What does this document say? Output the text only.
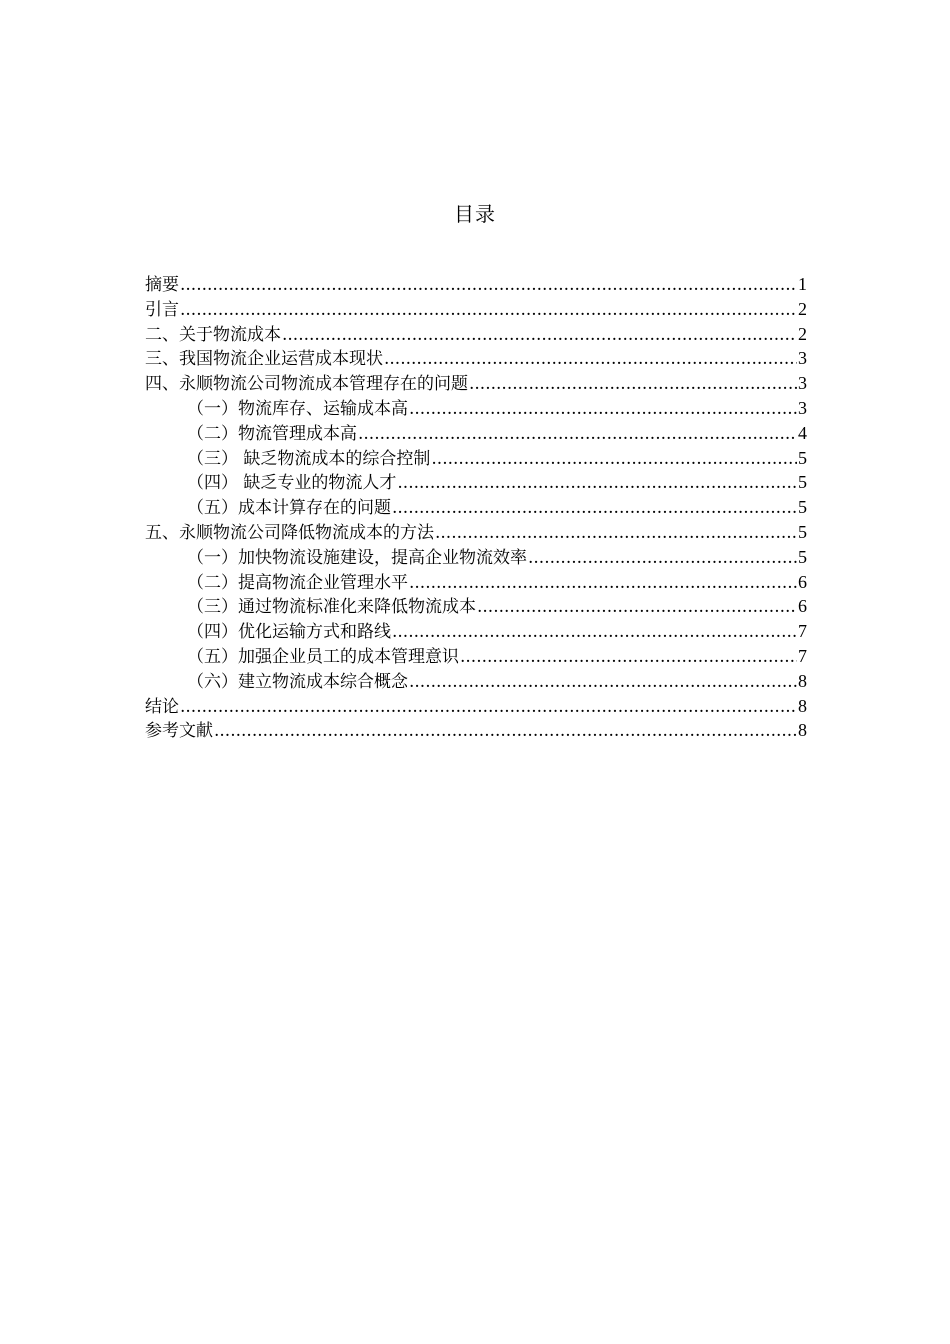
目录
摘要 .....	1
引言 .....	2
二、关于物流成本 .....	2
三、我国物流企业运营成本现状 .....	3
四、永顺物流公司物流成本管理存在的问题 .....	3
（一）物流库存、运输成本高 .....	3
（二）物流管理成本高 .....	4
（三） 缺乏物流成本的综合控制 .....	5
（四） 缺乏专业的物流人才 .....	5
（五）成本计算存在的问题 .....	5
五、永顺物流公司降低物流成本的方法 .....	5
（一）加快物流设施建设，提高企业物流效率 .....	5
（二）提高物流企业管理水平 .....	6
（三）通过物流标准化来降低物流成本 .....	6
（四）优化运输方式和路线 .....	7
（五）加强企业员工的成本管理意识 .....	7
（六）建立物流成本综合概念 .....	8
结论 .....	8
参考文献 .....	8
